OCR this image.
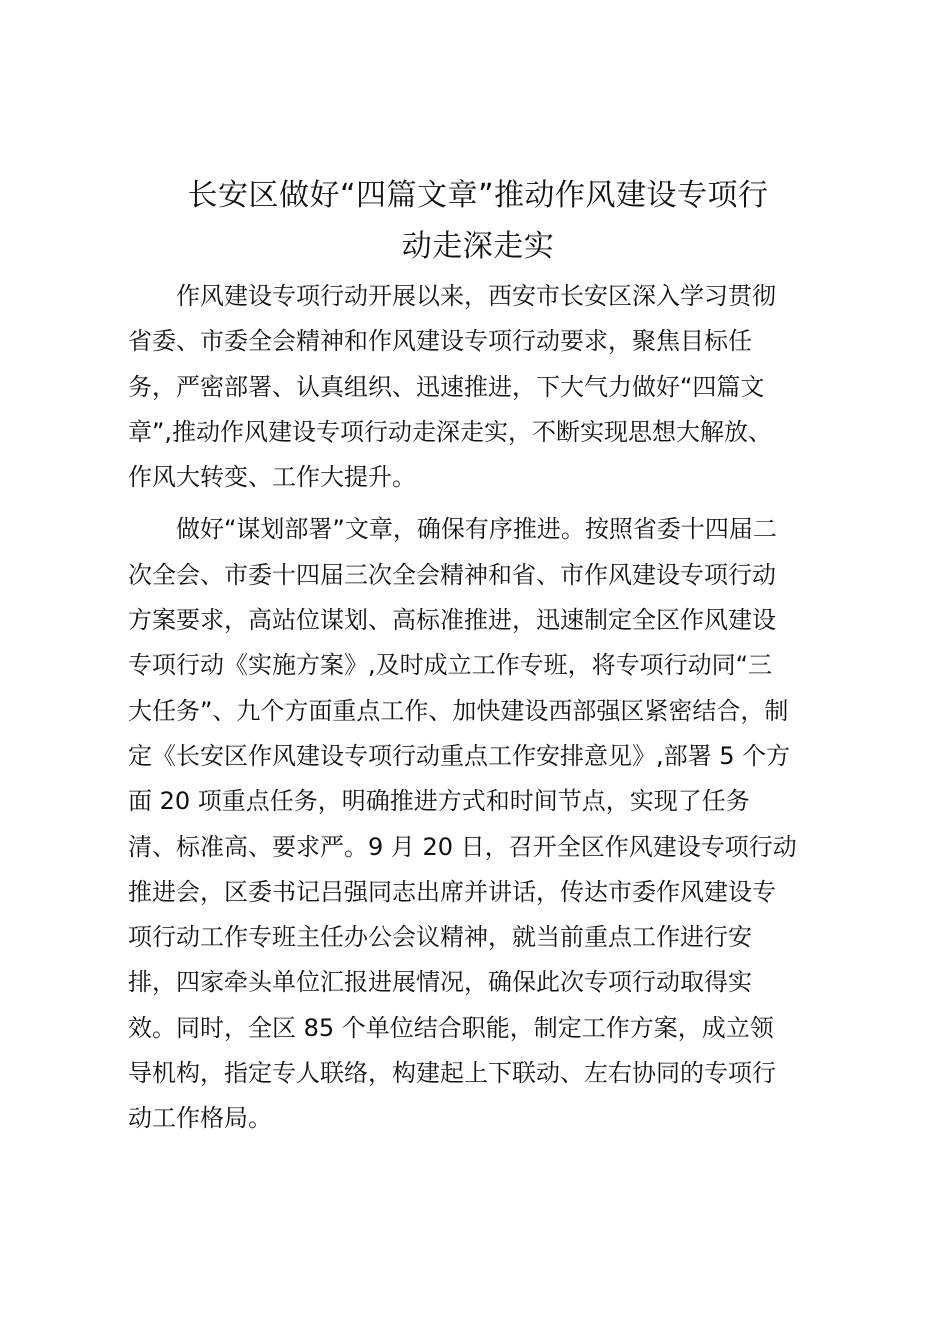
长安区做好“四篇文章”推动作风建设专项行
动走深走实

作风建设专项行动开展以来，西安市长安区深入学习贯彻
省委、市委全会精神和作风建设专项行动要求，聚焦目标任
务，严密部署、认真组织、迅速推进，下大气力做好“四篇文
章”,推动作风建设专项行动走深走实，不断实现思想大解放、
作风大转变、工作大提升。

做好“谋划部署”文章，确保有序推进。按照省委十四届二
次全会、市委十四届三次全会精神和省、市作风建设专项行动
方案要求，高站位谋划、高标准推进，迅速制定全区作风建设
专项行动《实施方案》,及时成立工作专班，将专项行动同“三
大任务”、九个方面重点工作、加快建设西部强区紧密结合，制
定《长安区作风建设专项行动重点工作安排意见》,部署 5 个方
面 20 项重点任务，明确推进方式和时间节点，实现了任务
清、标准高、要求严。9 月 20 日，召开全区作风建设专项行动
推进会，区委书记吕强同志出席并讲话，传达市委作风建设专
项行动工作专班主任办公会议精神，就当前重点工作进行安
排，四家牵头单位汇报进展情况，确保此次专项行动取得实
效。同时，全区 85 个单位结合职能，制定工作方案，成立领
导机构，指定专人联络，构建起上下联动、左右协同的专项行
动工作格局。
